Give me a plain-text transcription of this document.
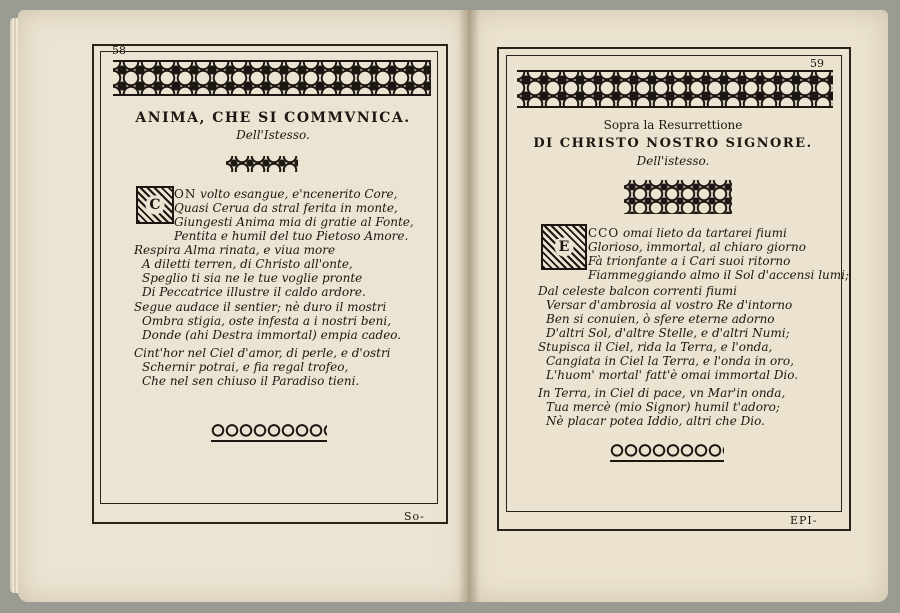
58
ANIMA, CHE SI COMMVNICA.
Dell'Istesso.
C
ON volto esangue, e'ncenerito Core,
Quasi Cerua da stral ferita in monte,
Giungesti Anima mia di gratie al Fonte,
Pentita e humil del tuo Pietoso Amore.
Respira Alma rinata, e viua more
A diletti terren, di Christo all'onte,
Speglio ti sia ne le tue voglie pronte
Di Peccatrice illustre il caldo ardore.
Segue audace il sentier; nè duro il mostri
Ombra stigia, oste infesta a i nostri beni,
Donde (ahi Destra immortal) empia cadeo.
Cint'hor nel Ciel d'amor, di perle, e d'ostri
Schernir potrai, e fia regal trofeo,
Che nel sen chiuso il Paradiso tieni.
So-
59
Sopra la Resurrettione
DI CHRISTO NOSTRO SIGNORE.
Dell'istesso.
E
CCO omai lieto da tartarei fiumi
Glorioso, immortal, al chiaro giorno
Fà trionfante a i Cari suoi ritorno
Fiammeggiando almo il Sol d'accensi lumi;
Dal celeste balcon correnti fiumi
Versar d'ambrosia al vostro Re d'intorno
Ben si conuien, ò sfere eterne adorno
D'altri Sol, d'altre Stelle, e d'altri Numi;
Stupisca il Ciel, rida la Terra, e l'onda,
Cangiata in Ciel la Terra, e l'onda in oro,
L'huom' mortal' fatt'è omai immortal Dio.
In Terra, in Ciel di pace, vn Mar'in onda,
Tua mercè (mio Signor) humil t'adoro;
Nè placar potea Iddio, altri che Dio.
EPI-
